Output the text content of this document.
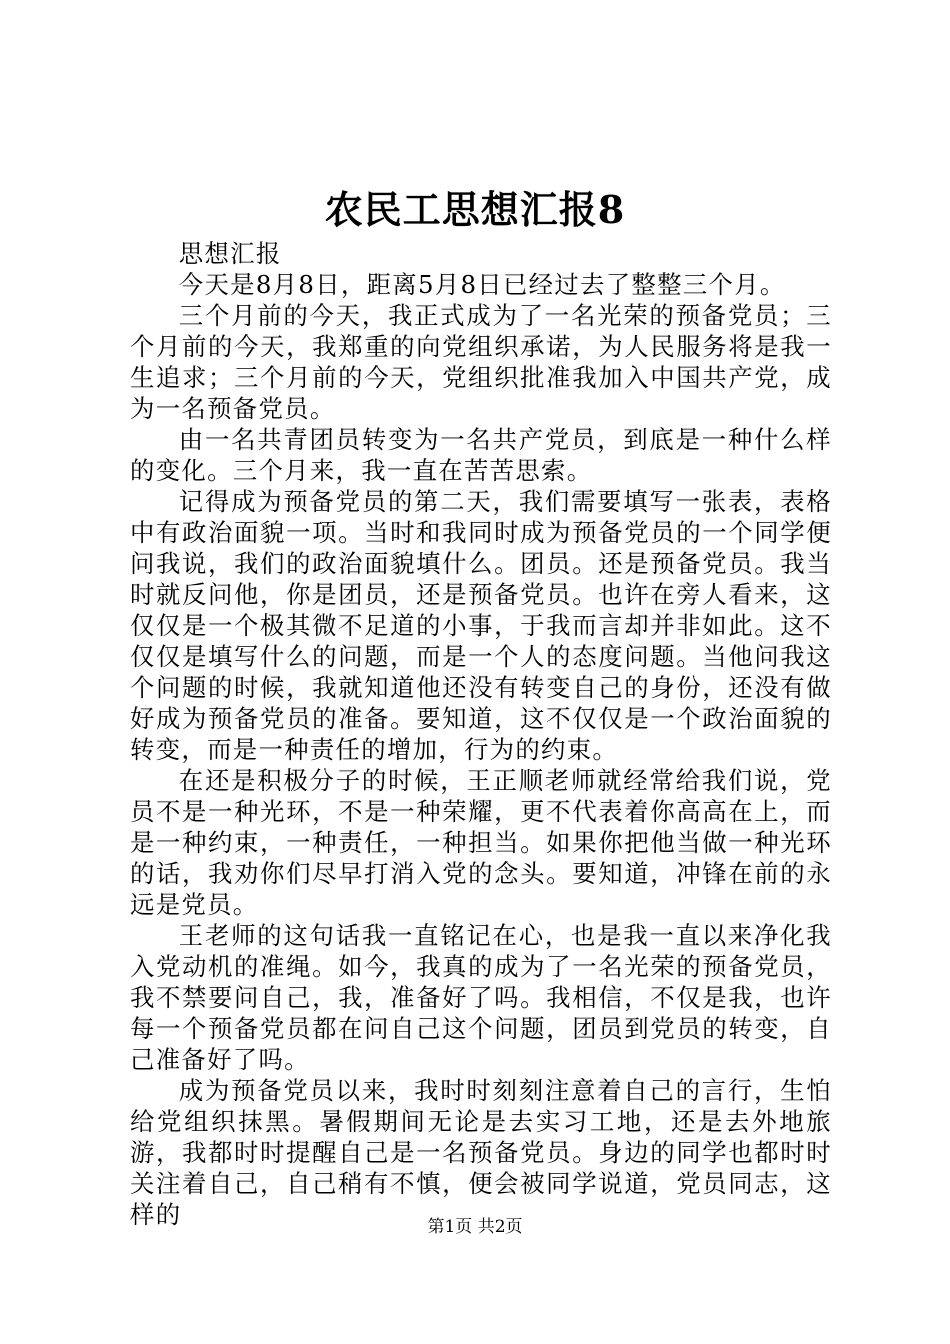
农民工思想汇报8

思想汇报

今天是8月8日，距离5月8日已经过去了整整三个月。

三个月前的今天，我正式成为了一名光荣的预备党员；三个月前的今天，我郑重的向党组织承诺，为人民服务将是我一生追求；三个月前的今天，党组织批准我加入中国共产党，成为一名预备党员。

由一名共青团员转变为一名共产党员，到底是一种什么样的变化。三个月来，我一直在苦苦思索。

记得成为预备党员的第二天，我们需要填写一张表，表格中有政治面貌一项。当时和我同时成为预备党员的一个同学便问我说，我们的政治面貌填什么。团员。还是预备党员。我当时就反问他，你是团员，还是预备党员。也许在旁人看来，这仅仅是一个极其微不足道的小事，于我而言却并非如此。这不仅仅是填写什么的问题，而是一个人的态度问题。当他问我这个问题的时候，我就知道他还没有转变自己的身份，还没有做好成为预备党员的准备。要知道，这不仅仅是一个政治面貌的转变，而是一种责任的增加，行为的约束。

在还是积极分子的时候，王正顺老师就经常给我们说，党员不是一种光环，不是一种荣耀，更不代表着你高高在上，而是一种约束，一种责任，一种担当。如果你把他当做一种光环的话，我劝你们尽早打消入党的念头。要知道，冲锋在前的永远是党员。

王老师的这句话我一直铭记在心，也是我一直以来净化我入党动机的准绳。如今，我真的成为了一名光荣的预备党员，我不禁要问自己，我，准备好了吗。我相信，不仅是我，也许每一个预备党员都在问自己这个问题，团员到党员的转变，自己准备好了吗。

成为预备党员以来，我时时刻刻注意着自己的言行，生怕给党组织抹黑。暑假期间无论是去实习工地，还是去外地旅游，我都时时提醒自己是一名预备党员。身边的同学也都时时关注着自己，自己稍有不慎，便会被同学说道，党员同志，这样的	第1页 共2页
